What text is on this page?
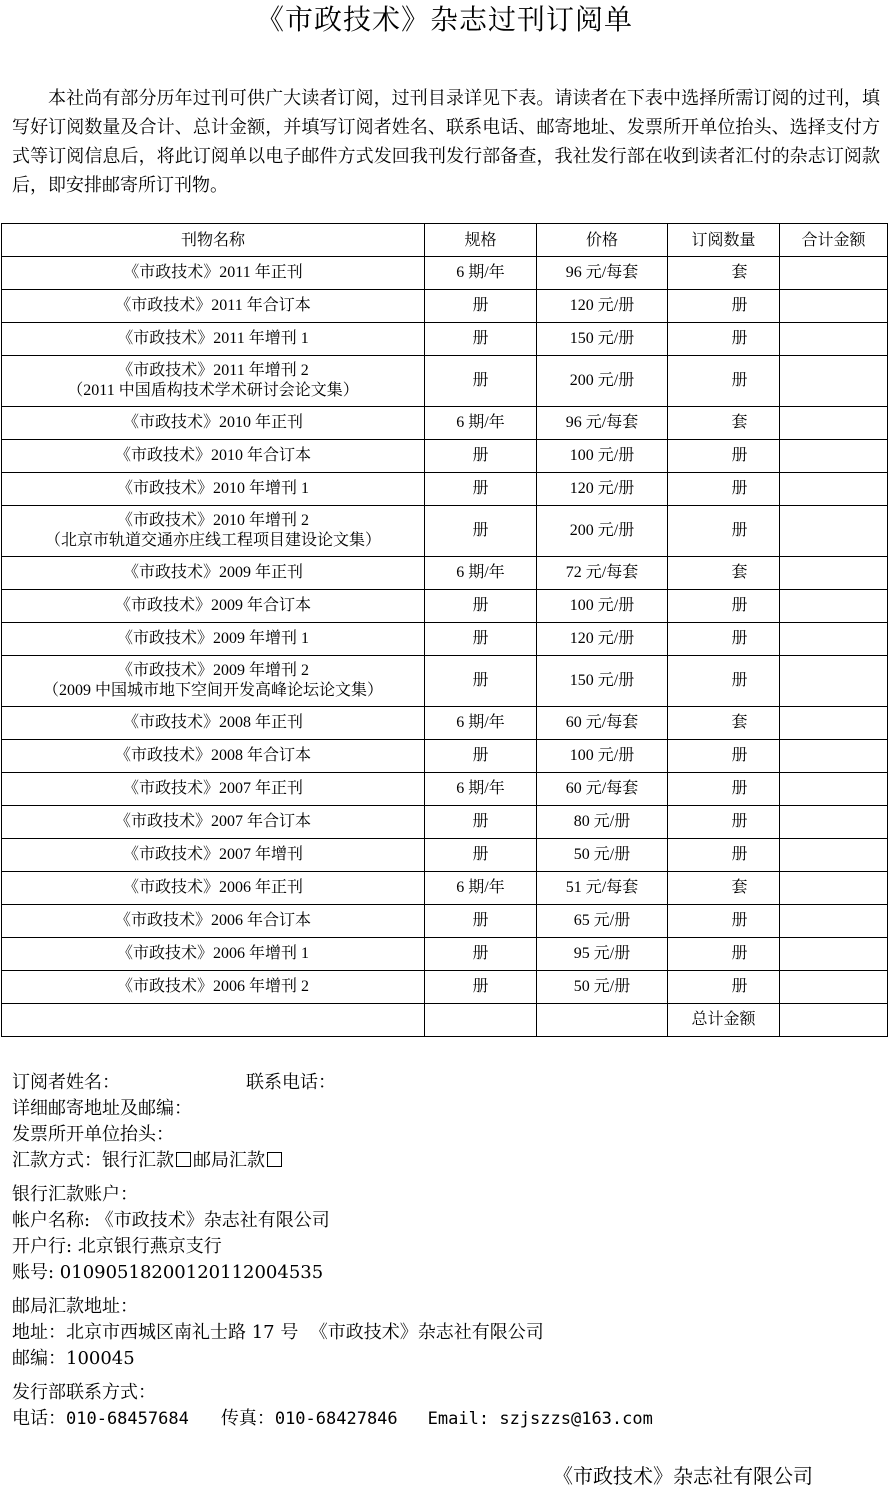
《市政技术》杂志过刊订阅单
本社尚有部分历年过刊可供广大读者订阅，过刊目录详见下表。请读者在下表中选择所需订阅的过刊，填写好订阅数量及合计、总计金额，并填写订阅者姓名、联系电话、邮寄地址、发票所开单位抬头、选择支付方式等订阅信息后，将此订阅单以电子邮件方式发回我刊发行部备查，我社发行部在收到读者汇付的杂志订阅款后，即安排邮寄所订刊物。
刊物名称	规格	价格	订阅数量	合计金额

《市政技术》2011 年正刊	6 期/年	96 元/每套	套	

《市政技术》2011 年合订本	册	120 元/册	册	

《市政技术》2011 年增刊 1	册	150 元/册	册	

《市政技术》2011 年增刊 2
（2011 中国盾构技术学术研讨会论文集）	册	200 元/册	册	

《市政技术》2010 年正刊	6 期/年	96 元/每套	套	

《市政技术》2010 年合订本	册	100 元/册	册	

《市政技术》2010 年增刊 1	册	120 元/册	册	

《市政技术》2010 年增刊 2
（北京市轨道交通亦庄线工程项目建设论文集）	册	200 元/册	册	

《市政技术》2009 年正刊	6 期/年	72 元/每套	套	

《市政技术》2009 年合订本	册	100 元/册	册	

《市政技术》2009 年增刊 1	册	120 元/册	册	

《市政技术》2009 年增刊 2
（2009 中国城市地下空间开发高峰论坛论文集）	册	150 元/册	册	

《市政技术》2008 年正刊	6 期/年	60 元/每套	套	

《市政技术》2008 年合订本	册	100 元/册	册	

《市政技术》2007 年正刊	6 期/年	60 元/每套	册	

《市政技术》2007 年合订本	册	80 元/册	册	

《市政技术》2007 年增刊	册	50 元/册	册	

《市政技术》2006 年正刊	6 期/年	51 元/每套	套	

《市政技术》2006 年合订本	册	65 元/册	册	

《市政技术》2006 年增刊 1	册	95 元/册	册	

《市政技术》2006 年增刊 2	册	50 元/册	册	
			总计金额	
订阅者姓名：	联系电话：
详细邮寄地址及邮编：
发票所开单位抬头：
汇款方式：银行汇款 邮局汇款
银行汇款账户：
帐户名称: 《市政技术》杂志社有限公司
开户行: 北京银行燕京支行
账号: 01090518200120112004535
邮局汇款地址：
地址：北京市西城区南礼士路 17 号  《市政技术》杂志社有限公司
邮编：100045
发行部联系方式：
电话：010-68457684 传真：010-68427846 Email: szjszzs@163.com
《市政技术》杂志社有限公司
